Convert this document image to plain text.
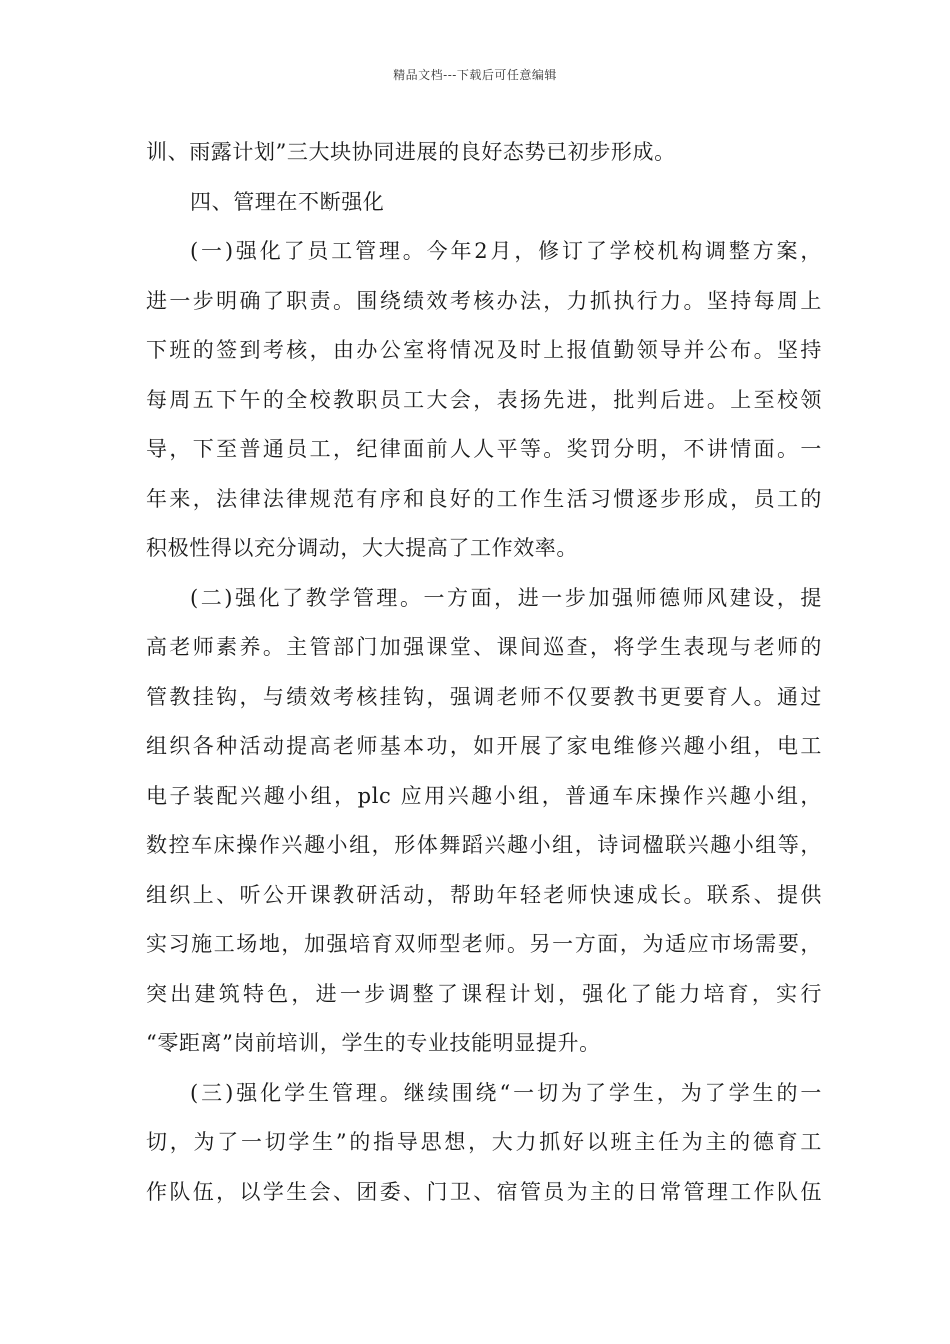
精品文档---下载后可任意编辑
训、雨露计划”三大块协同进展的良好态势已初步形成。
四、管理在不断强化
(一)强化了员工管理。今年2月，修订了学校机构调整方案，
进一步明确了职责。围绕绩效考核办法，力抓执行力。坚持每周上
下班的签到考核，由办公室将情况及时上报值勤领导并公布。坚持
每周五下午的全校教职员工大会，表扬先进，批判后进。上至校领
导，下至普通员工，纪律面前人人平等。奖罚分明，不讲情面。一
年来，法律法律规范有序和良好的工作生活习惯逐步形成，员工的
积极性得以充分调动，大大提高了工作效率。
(二)强化了教学管理。一方面，进一步加强师德师风建设，提
高老师素养。主管部门加强课堂、课间巡查，将学生表现与老师的
管教挂钩，与绩效考核挂钩，强调老师不仅要教书更要育人。通过
组织各种活动提高老师基本功，如开展了家电维修兴趣小组，电工
电子装配兴趣小组，plc 应用兴趣小组，普通车床操作兴趣小组，
数控车床操作兴趣小组，形体舞蹈兴趣小组，诗词楹联兴趣小组等，
组织上、听公开课教研活动，帮助年轻老师快速成长。联系、提供
实习施工场地，加强培育双师型老师。另一方面，为适应市场需要，
突出建筑特色，进一步调整了课程计划，强化了能力培育，实行
“零距离”岗前培训，学生的专业技能明显提升。
(三)强化学生管理。继续围绕“一切为了学生，为了学生的一
切，为了一切学生”的指导思想，大力抓好以班主任为主的德育工
作队伍，以学生会、团委、门卫、宿管员为主的日常管理工作队伍
